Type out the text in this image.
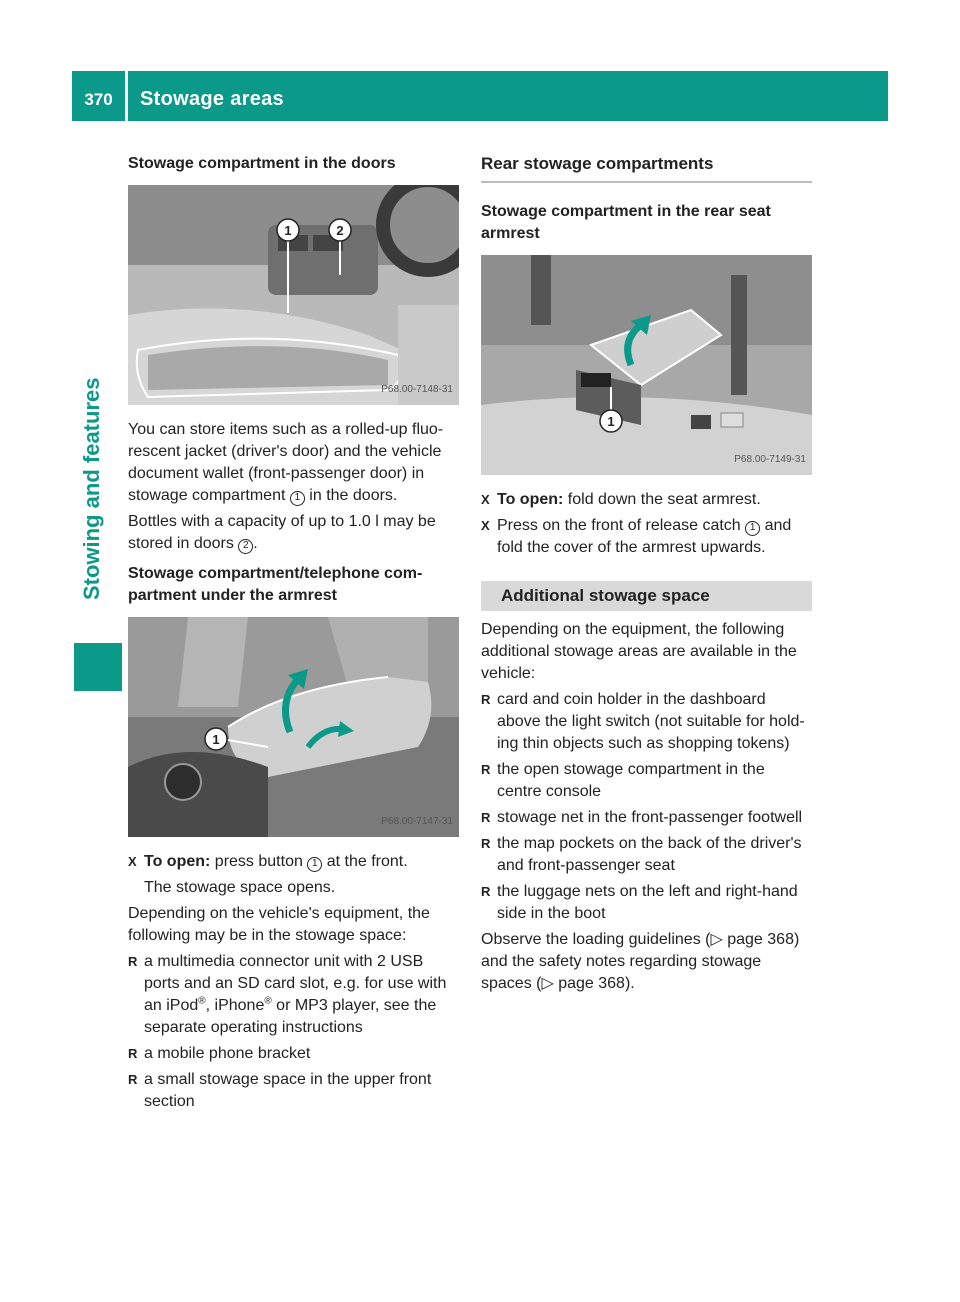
370	Stowage areas
Stowing and features
Stowage compartment in the doors
1	2
P68.00-7148-31

You can store items such as a rolled-up fluo-rescent jacket (driver's door) and the vehicle document wallet (front-passenger door) in stowage compartment 1 in the doors.

Bottles with a capacity of up to 1.0 l may be stored in doors 2 .

Stowage compartment/telephone com-partment under the armrest
1
P68.00-7147-31
X To open: press button 1 at the front.
The stowage space opens.

Depending on the vehicle's equipment, the following may be in the stowage space:

R a multimedia connector unit with 2 USB ports and an SD card slot, e.g. for use with an iPod®, iPhone® or MP3 player, see the separate operating instructions
R a mobile phone bracket
R a small stowage space in the upper front section
Rear stowage compartments
Stowage compartment in the rear seat armrest
1
P68.00-7149-31
X To open: fold down the seat armrest.
X Press on the front of release catch 1 and fold the cover of the armrest upwards.
Additional stowage space

Depending on the equipment, the following additional stowage areas are available in the vehicle:

R card and coin holder in the dashboard above the light switch (not suitable for hold-ing thin objects such as shopping tokens)
R the open stowage compartment in the centre console
R stowage net in the front-passenger footwell
R the map pockets on the back of the driver's and front-passenger seat
R the luggage nets on the left and right-hand side in the boot

Observe the loading guidelines (▷ page 368) and the safety notes regarding stowage spaces (▷ page 368).
